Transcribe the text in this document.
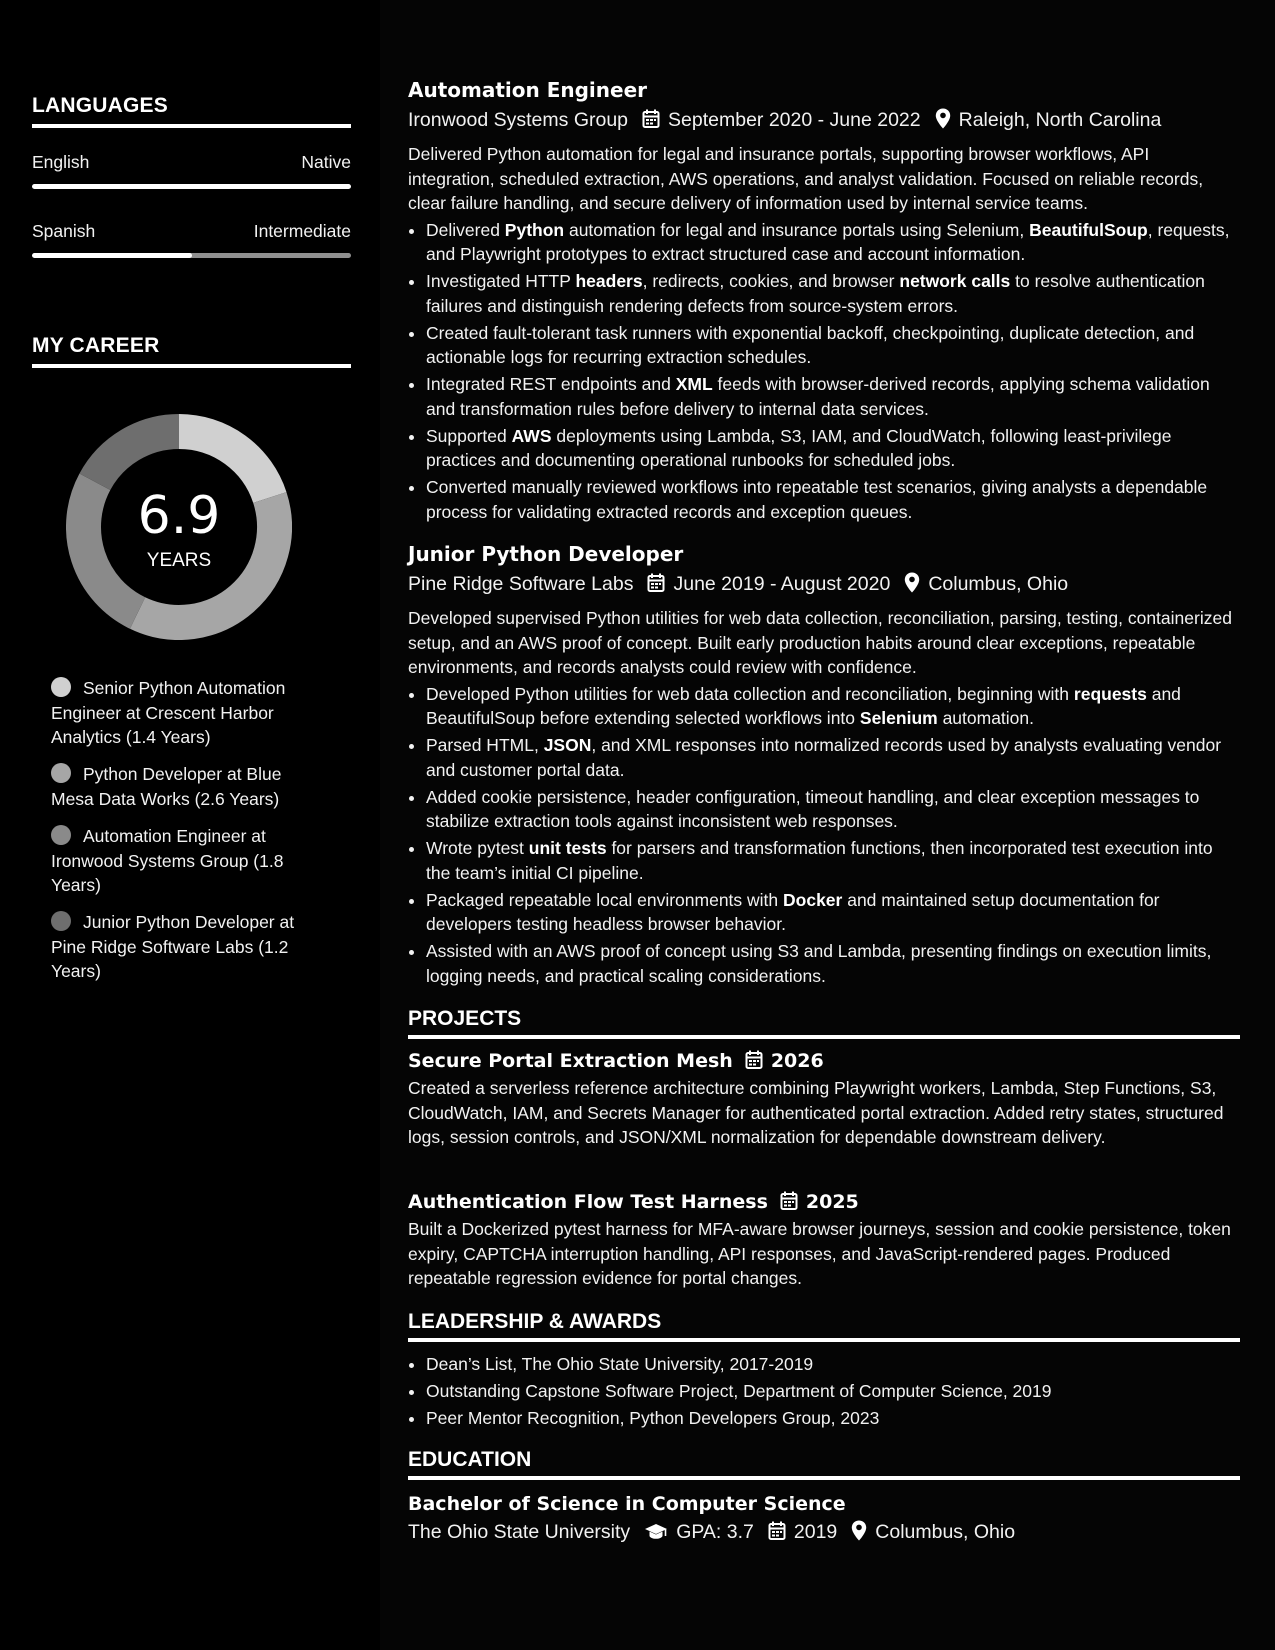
LANGUAGES
English	Native
Spanish	Intermediate
MY CAREER
6.9
YEARS
Senior Python Automation Engineer at Crescent Harbor Analytics (1.4 Years)
Python Developer at Blue Mesa Data Works (2.6 Years)
Automation Engineer at Ironwood Systems Group (1.8 Years)
Junior Python Developer at Pine Ridge Software Labs (1.2 Years)
Automation Engineer
Ironwood Systems Group September 2020 - June 2022 Raleigh, North Carolina
Delivered Python automation for legal and insurance portals, supporting browser workflows, API integration, scheduled extraction, AWS operations, and analyst validation. Focused on reliable records, clear failure handling, and secure delivery of information used by internal service teams.
• Delivered Python automation for legal and insurance portals using Selenium, BeautifulSoup, requests, and Playwright prototypes to extract structured case and account information.
• Investigated HTTP headers, redirects, cookies, and browser network calls to resolve authentication failures and distinguish rendering defects from source-system errors.
• Created fault-tolerant task runners with exponential backoff, checkpointing, duplicate detection, and actionable logs for recurring extraction schedules.
• Integrated REST endpoints and XML feeds with browser-derived records, applying schema validation and transformation rules before delivery to internal data services.
• Supported AWS deployments using Lambda, S3, IAM, and CloudWatch, following least-privilege practices and documenting operational runbooks for scheduled jobs.
• Converted manually reviewed workflows into repeatable test scenarios, giving analysts a dependable process for validating extracted records and exception queues.
Junior Python Developer
Pine Ridge Software Labs June 2019 - August 2020 Columbus, Ohio
Developed supervised Python utilities for web data collection, reconciliation, parsing, testing, containerized setup, and an AWS proof of concept. Built early production habits around clear exceptions, repeatable environments, and records analysts could review with confidence.
• Developed Python utilities for web data collection and reconciliation, beginning with requests and BeautifulSoup before extending selected workflows into Selenium automation.
• Parsed HTML, JSON, and XML responses into normalized records used by analysts evaluating vendor and customer portal data.
• Added cookie persistence, header configuration, timeout handling, and clear exception messages to stabilize extraction tools against inconsistent web responses.
• Wrote pytest unit tests for parsers and transformation functions, then incorporated test execution into the team’s initial CI pipeline.
• Packaged repeatable local environments with Docker and maintained setup documentation for developers testing headless browser behavior.
• Assisted with an AWS proof of concept using S3 and Lambda, presenting findings on execution limits, logging needs, and practical scaling considerations.
PROJECTS
Secure Portal Extraction Mesh 2026
Created a serverless reference architecture combining Playwright workers, Lambda, Step Functions, S3, CloudWatch, IAM, and Secrets Manager for authenticated portal extraction. Added retry states, structured logs, session controls, and JSON/XML normalization for dependable downstream delivery.
Authentication Flow Test Harness 2025
Built a Dockerized pytest harness for MFA-aware browser journeys, session and cookie persistence, token expiry, CAPTCHA interruption handling, API responses, and JavaScript-rendered pages. Produced repeatable regression evidence for portal changes.
LEADERSHIP & AWARDS
• Dean’s List, The Ohio State University, 2017-2019
• Outstanding Capstone Software Project, Department of Computer Science, 2019
• Peer Mentor Recognition, Python Developers Group, 2023
EDUCATION
Bachelor of Science in Computer Science
The Ohio State University GPA: 3.7 2019 Columbus, Ohio
